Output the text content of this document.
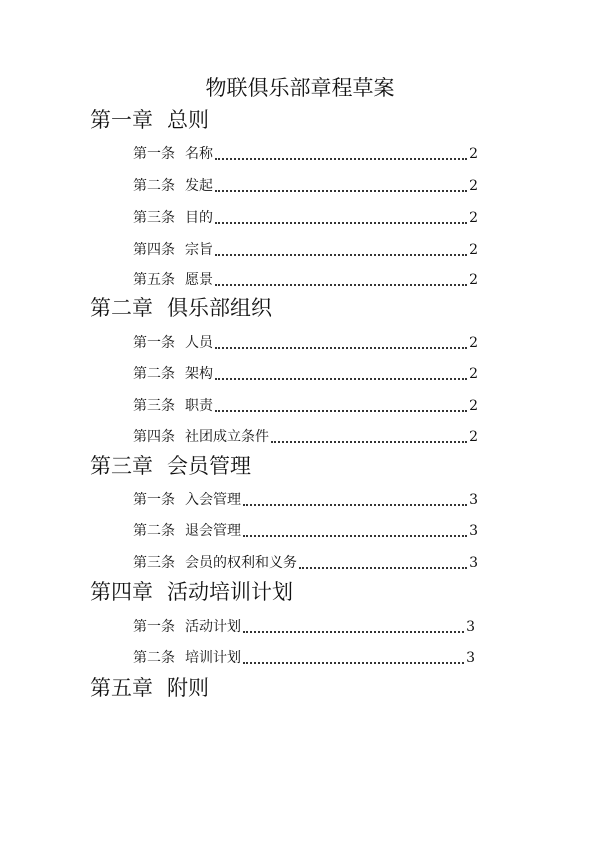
物联俱乐部章程草案
第一章 总则
第一条 名称	2
第二条 发起	2
第三条 目的	2
第四条 宗旨	2
第五条 愿景	2
第二章 俱乐部组织
第一条 人员	2
第二条 架构	2
第三条 职责	2
第四条 社团成立条件	2
第三章 会员管理
第一条 入会管理	3
第二条 退会管理	3
第三条 会员的权利和义务	3
第四章 活动培训计划
第一条 活动计划	3
第二条 培训计划	3
第五章 附则
